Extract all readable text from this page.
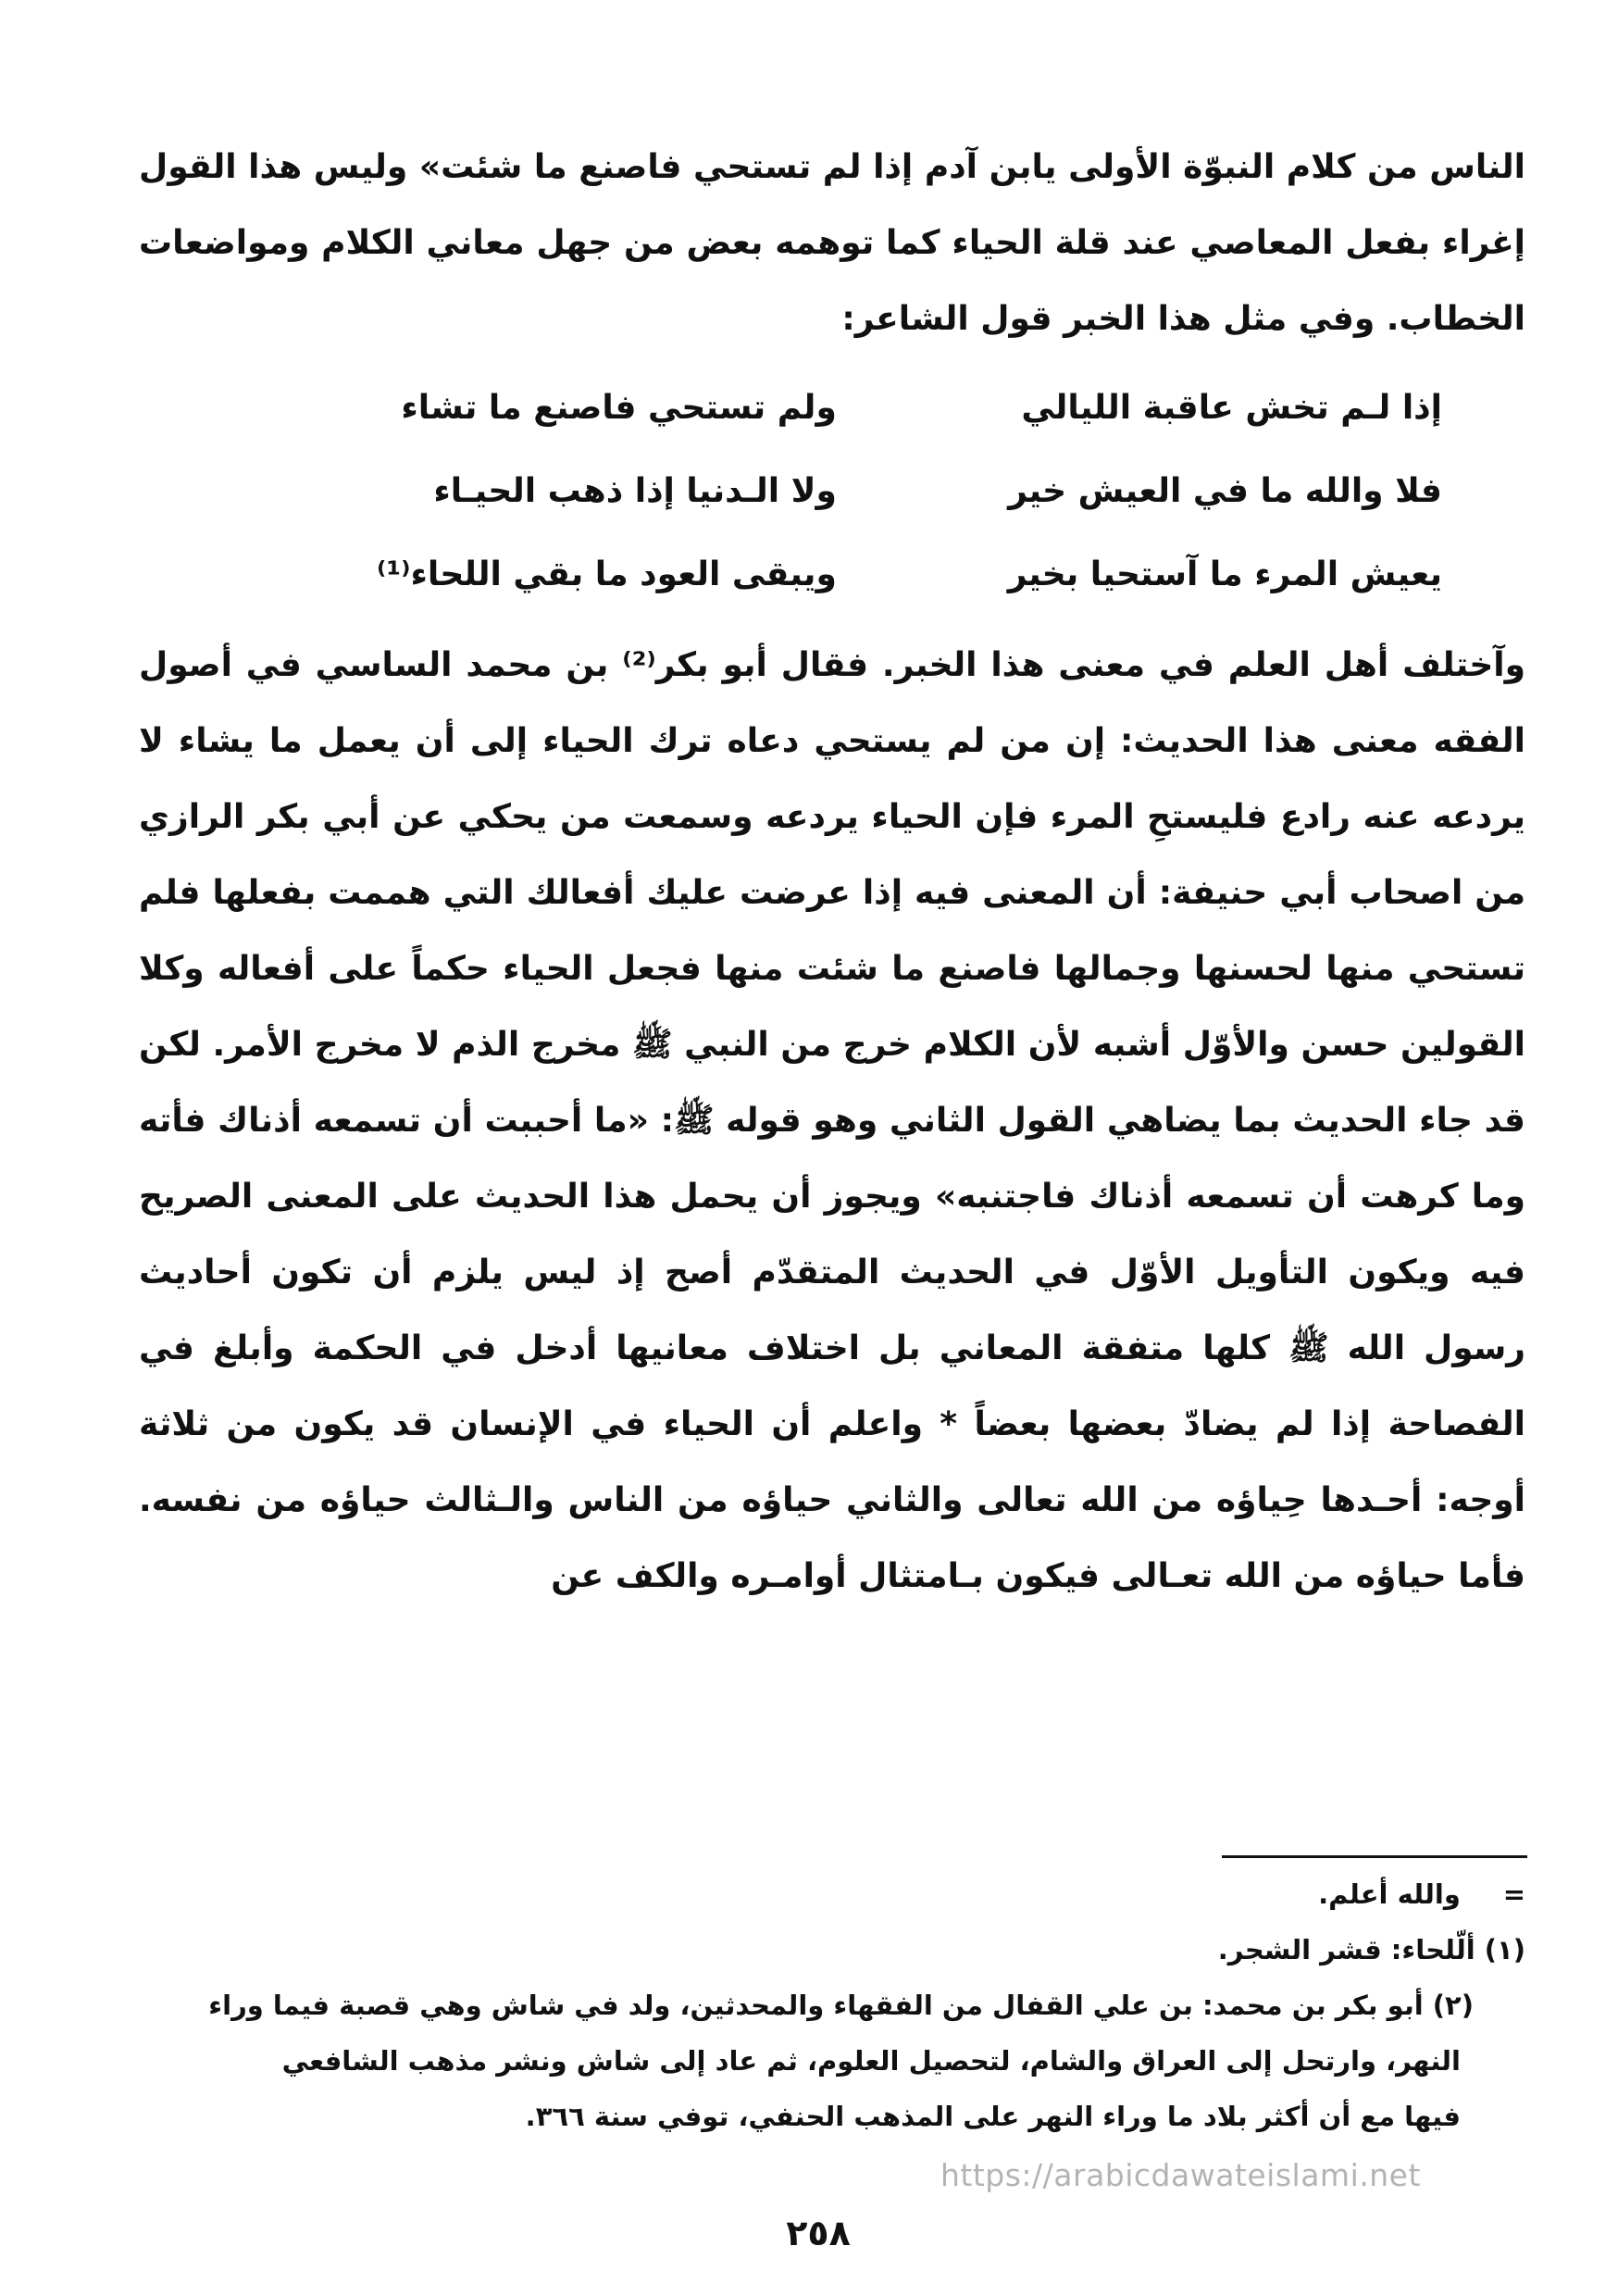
الناس من كلام النبوّة الأولى يابن آدم إذا لم تستحي فاصنع ما شئت» وليس هذا القول إغراء بفعل المعاصي عند قلة الحياء كما توهمه بعض من جهل معاني الكلام ومواضعات الخطاب. وفي مثل هذا الخبر قول الشاعر:

إذا لـم تخش عاقبة الليالي
ولم تستحي فاصنع ما تشاء
فلا والله ما في العيش خير
ولا الـدنيا إذا ذهب الحيـاء
يعيش المرء ما آستحيا بخير
ويبقى العود ما بقي اللحاء⁽¹⁾

وآختلف أهل العلم في معنى هذا الخبر. فقال أبو بكر⁽²⁾ بن محمد الساسي في أصول الفقه معنى هذا الحديث: إن من لم يستحي دعاه ترك الحياء إلى أن يعمل ما يشاء لا يردعه عنه رادع فليستحِ المرء فإن الحياء يردعه وسمعت من يحكي عن أبي بكر الرازي من اصحاب أبي حنيفة: أن المعنى فيه إذا عرضت عليك أفعالك التي هممت بفعلها فلم تستحي منها لحسنها وجمالها فاصنع ما شئت منها فجعل الحياء حكماً على أفعاله وكلا القولين حسن والأوّل أشبه لأن الكلام خرج من النبي ﷺ مخرج الذم لا مخرج الأمر. لكن قد جاء الحديث بما يضاهي القول الثاني وهو قوله ﷺ: «ما أحببت أن تسمعه أذناك فأته وما كرهت أن تسمعه أذناك فاجتنبه» ويجوز أن يحمل هذا الحديث على المعنى الصريح فيه ويكون التأويل الأوّل في الحديث المتقدّم أصح إذ ليس يلزم أن تكون أحاديث رسول الله ﷺ كلها متفقة المعاني بل اختلاف معانيها أدخل في الحكمة وأبلغ في الفصاحة إذا لم يضادّ بعضها بعضاً * واعلم أن الحياء في الإنسان قد يكون من ثلاثة أوجه: أحـدها حِياؤه من الله تعالى والثاني حياؤه من الناس والـثالث حياؤه من نفسه. فأما حياؤه من الله تعـالى فيكون بـامتثال أوامـره والكف عن

= والله أعلم.

(١) ألّلحاء: قشر الشجر.

(٢) أبو بكر بن محمد: بن علي القفال من الفقهاء والمحدثين، ولد في شاش وهي قصبة فيما وراء

النهر، وارتحل إلى العراق والشام، لتحصيل العلوم، ثم عاد إلى شاش ونشر مذهب الشافعي

فيها مع أن أكثر بلاد ما وراء النهر على المذهب الحنفي، توفي سنة ٣٦٦.

https://arabicdawateislami.net
٢٥٨
